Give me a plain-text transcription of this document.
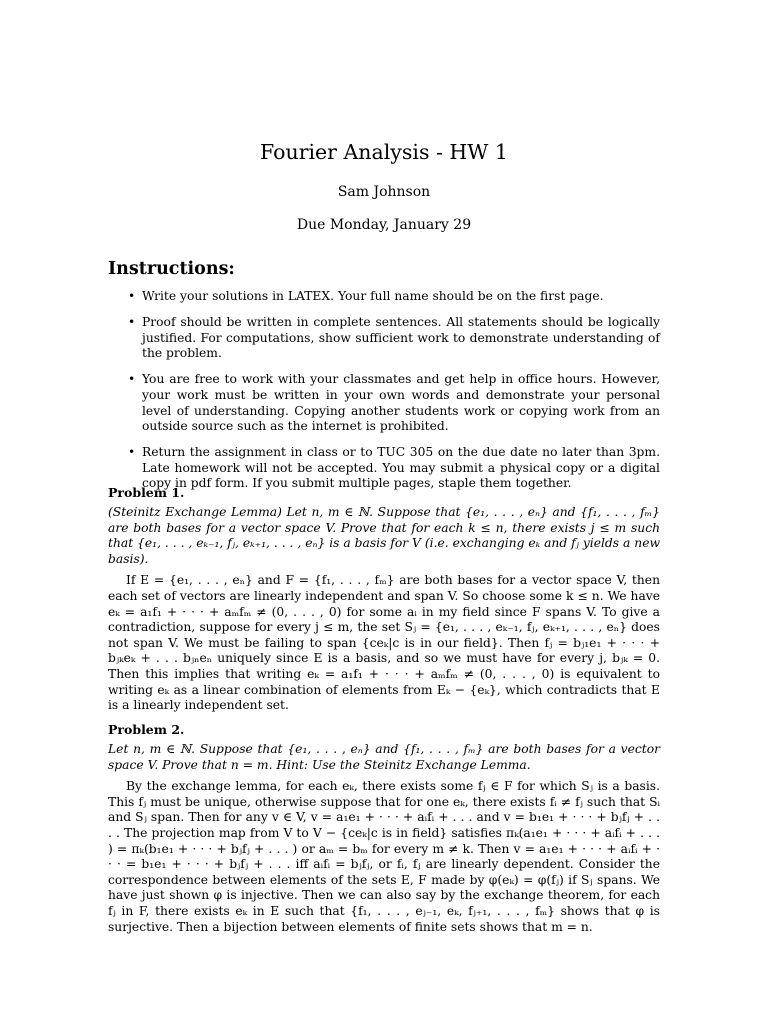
Fourier Analysis - HW 1
Sam Johnson
Due Monday, January 29
Instructions:
• Write your solutions in LATEX. Your full name should be on the first page.
• Proof should be written in complete sentences. All statements should be logically justified. For computations, show sufficient work to demonstrate understanding of the problem.
• You are free to work with your classmates and get help in office hours. However, your work must be written in your own words and demonstrate your personal level of understanding. Copying another students work or copying work from an outside source such as the internet is prohibited.
• Return the assignment in class or to TUC 305 on the due date no later than 3pm. Late homework will not be accepted. You may submit a physical copy or a digital copy in pdf form. If you submit multiple pages, staple them together.
Problem 1.
(Steinitz Exchange Lemma) Let n, m ∈ ℕ. Suppose that {e₁, . . . , eₙ} and {f₁, . . . , fₘ} are both bases for a vector space V. Prove that for each k ≤ n, there exists j ≤ m such that {e₁, . . . , eₖ₋₁, fⱼ, eₖ₊₁, . . . , eₙ} is a basis for V (i.e. exchanging eₖ and fⱼ yields a new basis).
If E = {e₁, . . . , eₙ} and F = {f₁, . . . , fₘ} are both bases for a vector space V, then each set of vectors are linearly independent and span V. So choose some k ≤ n. We have eₖ = a₁f₁ + · · · + aₘfₘ ≠ (0, . . . , 0) for some aᵢ in my field since F spans V. To give a contradiction, suppose for every j ≤ m, the set Sⱼ = {e₁, . . . , eₖ₋₁, fⱼ, eₖ₊₁, . . . , eₙ} does not span V. We must be failing to span {ceₖ|c is in our field}. Then fⱼ = bⱼ₁e₁ + · · · + bⱼₖeₖ + . . . bⱼₙeₙ uniquely since E is a basis, and so we must have for every j, bⱼₖ = 0. Then this implies that writing eₖ = a₁f₁ + · · · + aₘfₘ ≠ (0, . . . , 0) is equivalent to writing eₖ as a linear combination of elements from Eₖ − {eₖ}, which contradicts that E is a linearly independent set.
Problem 2.
Let n, m ∈ ℕ. Suppose that {e₁, . . . , eₙ} and {f₁, . . . , fₘ} are both bases for a vector space V. Prove that n = m. Hint: Use the Steinitz Exchange Lemma.
By the exchange lemma, for each eₖ, there exists some fⱼ ∈ F for which Sⱼ is a basis. This fⱼ must be unique, otherwise suppose that for one eₖ, there exists fᵢ ≠ fⱼ such that Sᵢ and Sⱼ span. Then for any v ∈ V, v = a₁e₁ + · · · + aᵢfᵢ + . . . and v = b₁e₁ + · · · + bⱼfⱼ + . . . . The projection map from V to V − {ceₖ|c is in field} satisfies πₖ(a₁e₁ + · · · + aᵢfᵢ + . . . ) = πₖ(b₁e₁ + · · · + bⱼfⱼ + . . . ) or aₘ = bₘ for every m ≠ k. Then v = a₁e₁ + · · · + aᵢfᵢ + · · · = b₁e₁ + · · · + bⱼfⱼ + . . . iff aᵢfᵢ = bⱼfⱼ, or fᵢ, fⱼ are linearly dependent. Consider the correspondence between elements of the sets E, F made by φ(eₖ) = φ(fⱼ) if Sⱼ spans. We have just shown φ is injective. Then we can also say by the exchange theorem, for each fⱼ in F, there exists eₖ in E such that {f₁, . . . , eⱼ₋₁, eₖ, fⱼ₊₁, . . . , fₘ} shows that φ is surjective. Then a bijection between elements of finite sets shows that m = n.
